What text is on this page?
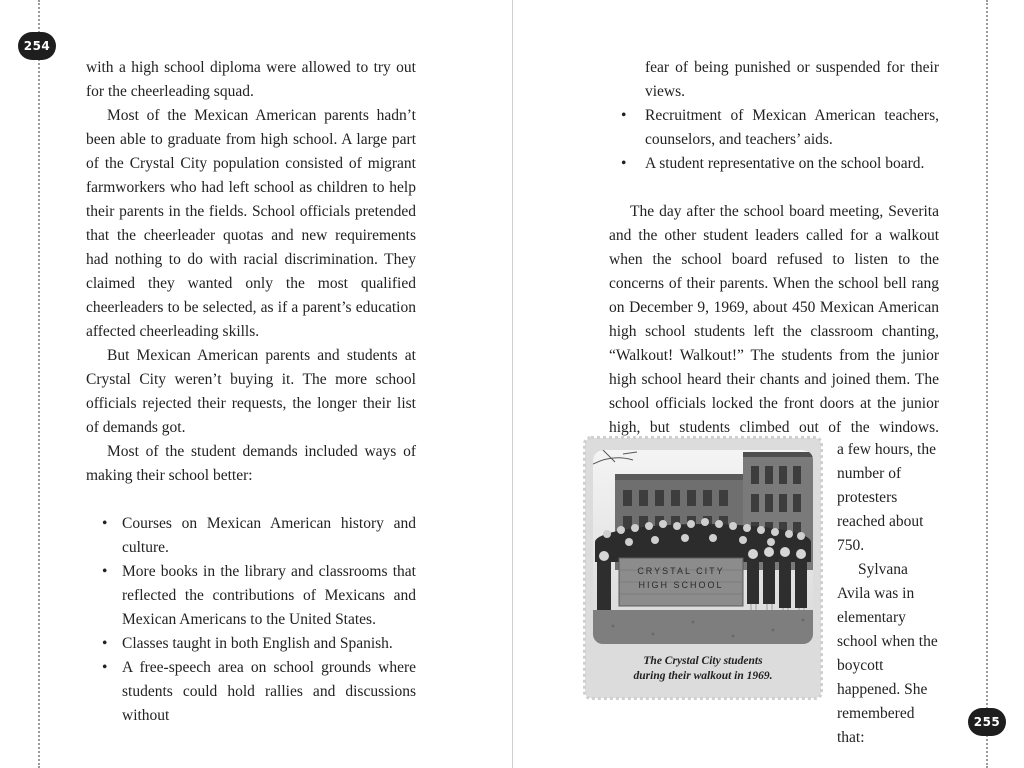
254

with a high school diploma were allowed to try out for the cheerleading squad.

Most of the Mexican American parents hadn’t been able to graduate from high school. A large part of the Crystal City population consisted of migrant farmworkers who had left school as children to help their parents in the fields. School officials pretended that the cheerleader quotas and new requirements had nothing to do with racial discrimination. They claimed they wanted only the most qualified cheerleaders to be selected, as if a parent’s education affected cheerleading skills.

But Mexican American parents and students at Crystal City weren’t buying it. The more school officials rejected their requests, the longer their list of demands got.

Most of the student demands included ways of making their school better:

• Courses on Mexican American history and culture.
• More books in the library and classrooms that reflected the contributions of Mexicans and Mexican Americans to the United States.
• Classes taught in both English and Spanish.
• A free-speech area on school grounds where students could hold rallies and discussions without	255
fear of being punished or suspended for their views.
• Recruitment of Mexican American teachers, counselors, and teachers’ aids.
• A student representative on the school board.

The day after the school board meeting, Severita and the other student leaders called for a walkout when the school board refused to listen to the concerns of their parents. When the school bell rang on December 9, 1969, about 450 Mexican American high school students left the classroom chanting, “Walkout! Walkout!” The students from the junior high school heard their chants and joined them. The school officials locked the front doors at the junior high, but students climbed out of the windows.

CRYSTAL CITY
HIGH SCHOOL
The Crystal City students
during their walkout in 1969.

a few hours, the number of protesters reached about 750.

Sylvana Avila was in elementary school when the boycott happened. She remembered that:
